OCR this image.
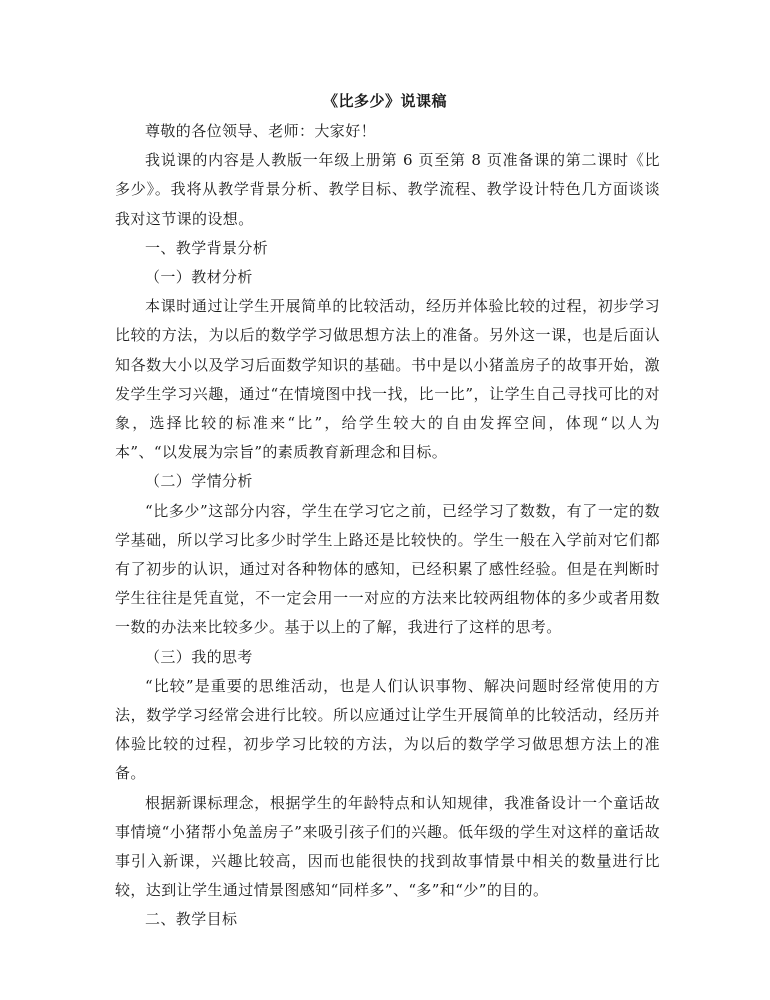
《比多少》说课稿

尊敬的各位领导、老师：大家好！

我说课的内容是人教版一年级上册第 6 页至第 8 页准备课的第二课时《比多少》。我将从教学背景分析、教学目标、教学流程、教学设计特色几方面谈谈我对这节课的设想。

一、教学背景分析

（一）教材分析

本课时通过让学生开展简单的比较活动，经历并体验比较的过程，初步学习比较的方法，为以后的数学学习做思想方法上的准备。另外这一课，也是后面认知各数大小以及学习后面数学知识的基础。书中是以小猪盖房子的故事开始，激发学生学习兴趣，通过“在情境图中找一找，比一比”，让学生自己寻找可比的对象，选择比较的标准来“比”，给学生较大的自由发挥空间，体现“以人为本”、“以发展为宗旨”的素质教育新理念和目标。

（二）学情分析

“比多少”这部分内容，学生在学习它之前，已经学习了数数，有了一定的数学基础，所以学习比多少时学生上路还是比较快的。学生一般在入学前对它们都有了初步的认识，通过对各种物体的感知，已经积累了感性经验。但是在判断时学生往往是凭直觉，不一定会用一一对应的方法来比较两组物体的多少或者用数一数的办法来比较多少。基于以上的了解，我进行了这样的思考。

（三）我的思考

“比较”是重要的思维活动，也是人们认识事物、解决问题时经常使用的方法，数学学习经常会进行比较。所以应通过让学生开展简单的比较活动，经历并体验比较的过程，初步学习比较的方法，为以后的数学学习做思想方法上的准备。

根据新课标理念，根据学生的年龄特点和认知规律，我准备设计一个童话故事情境“小猪帮小兔盖房子”来吸引孩子们的兴趣。低年级的学生对这样的童话故事引入新课，兴趣比较高，因而也能很快的找到故事情景中相关的数量进行比较，达到让学生通过情景图感知“同样多”、“多”和“少”的目的。

二、教学目标
